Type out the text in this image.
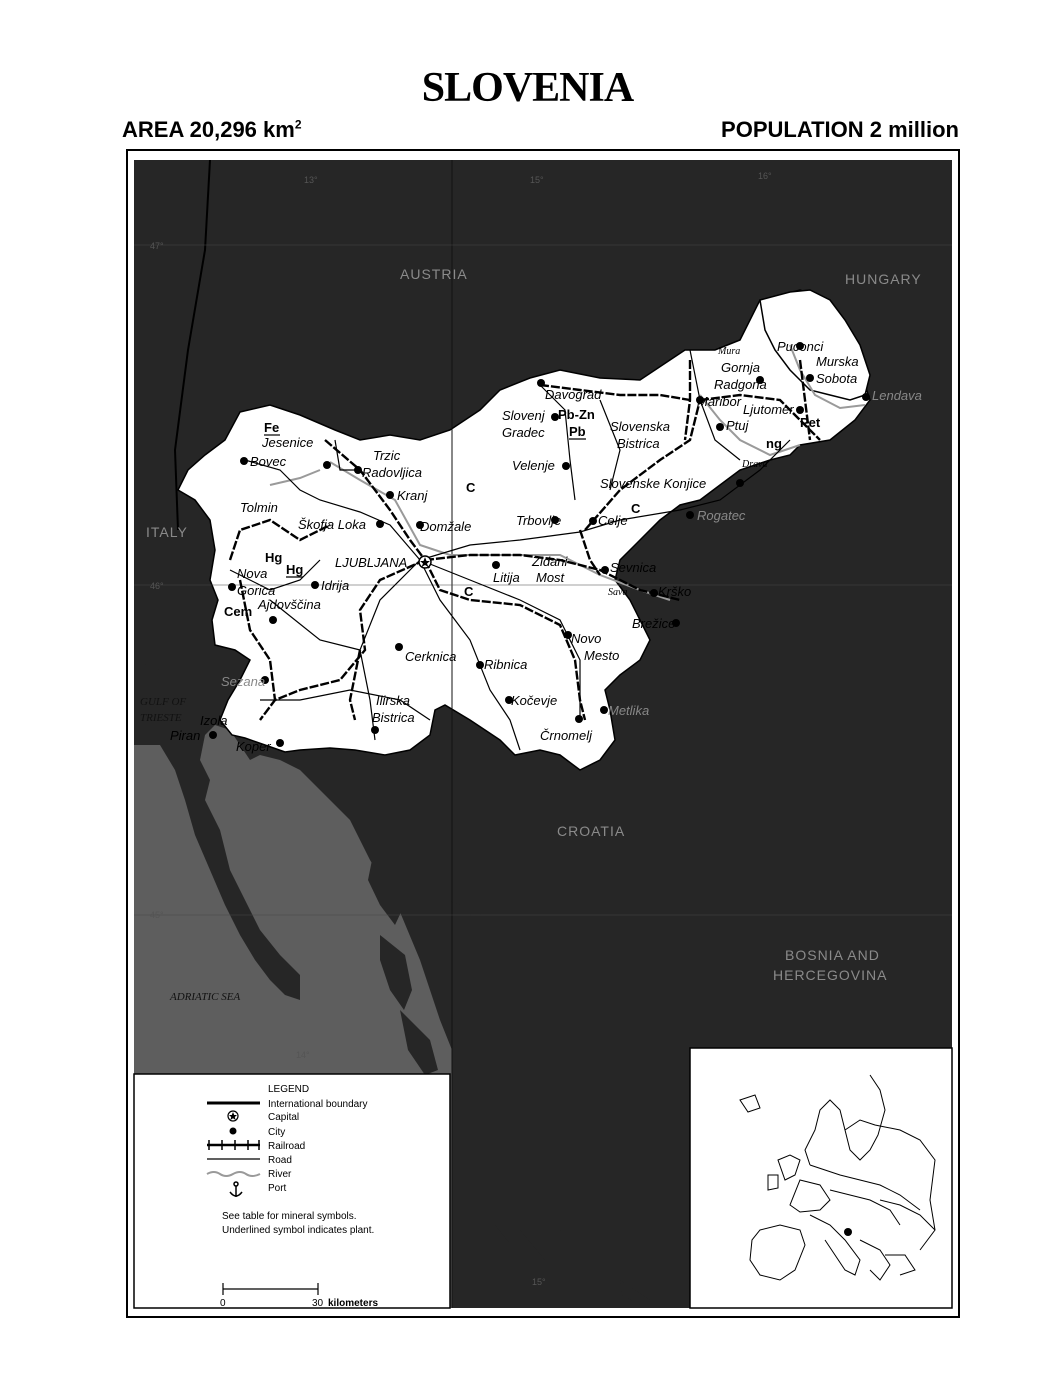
SLOVENIA
AREA 20,296 $km^2$	POPULATION 2 million
AUSTRIA	HUNGARY
ITALY
CROATIA
BOSNIA AND
HERCEGOVINA
GULF OF
TRIESTE
ADRIATIC SEA
Mura
Drava
Sava
13°	15°	16°
47°
46°
45°
14°
15°
Jesenice
Bovec	Trzic
Radovljica
Kranj
Tolmin
Škofja Loka	Domžale
LJUBLJANA
Nova
Gorica
Ajdovščina
Idrija
Cerknica
Ribnica
Ilirska
Bistrica
Kočevje
Črnomelj
Sezana
Izola
Piran
Koper
Davograd
Slovenj
Gradec
Velenje
Slovenska
Bistrica
Maribor
Gornja
Radgona
Ljutomer
Ptuj
Puconci
Murska
Sobota
Lendava
Slovenske Konjice
Celje	Rogatec
Trbovlje
Zidani
Most
Litija
Sevnica
Krško
Brežice
Novo
Mesto
Metlika
Fe
Hg
Hg
Cem
Pb-Zn
Pb
C
C
C
Pet
ng
LEGEND
International boundary
Capital
City
Railroad
Road
River
Port
See table for mineral symbols.
Underlined symbol indicates plant.
0	30 kilometers
